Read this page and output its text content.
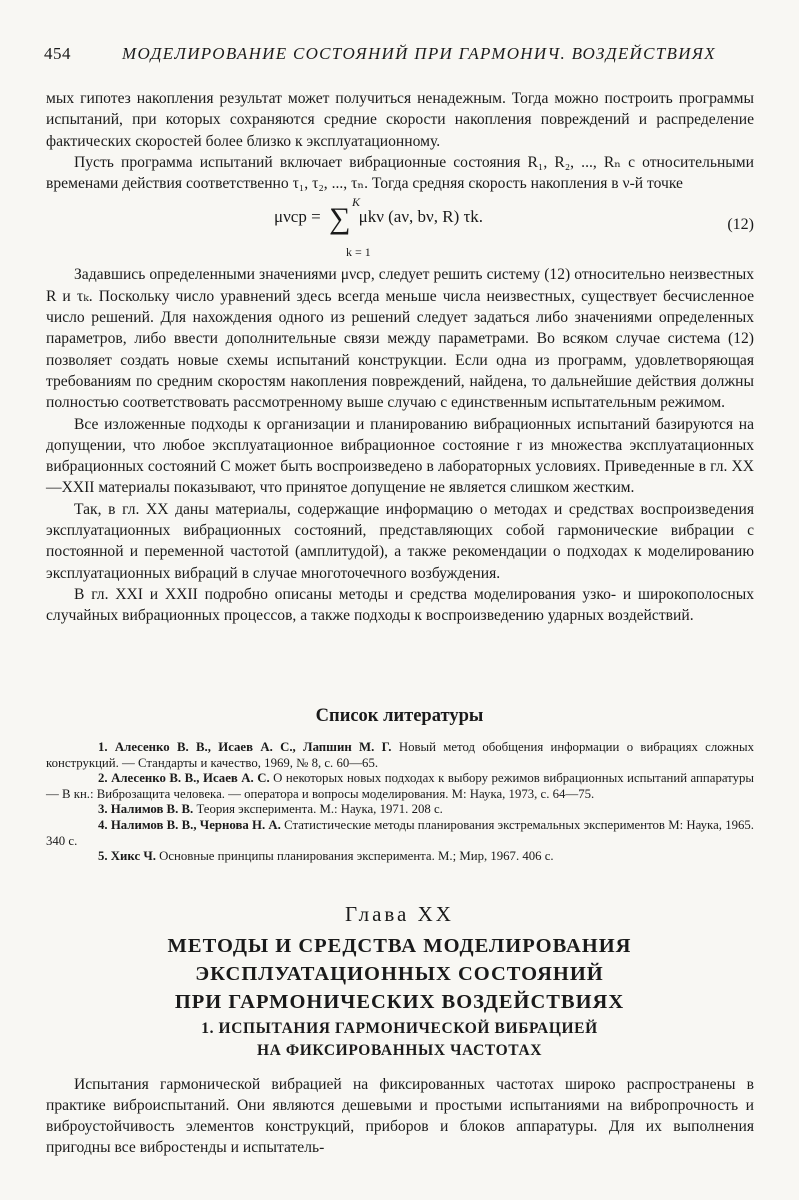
454	МОДЕЛИРОВАНИЕ СОСТОЯНИЙ ПРИ ГАРМОНИЧ. ВОЗДЕЙСТВИЯХ

мых гипотез накопления результат может получиться ненадежным. Тогда можно построить программы испытаний, при которых сохраняются средние скорости накопления повреждений и распределение фактических скоростей более близко к эксплуатационному.

Пусть программа испытаний включает вибрационные состояния R₁, R₂, ..., Rₙ с относительными временами действия соответственно τ₁, τ₂, ..., τₙ. Тогда средняя скорость накопления в ν-й точке

μνср =
K
∑
k = 1
μkν (aν, bν, R) τk.	(12)

Задавшись определенными значениями μνср, следует решить систему (12) относительно неизвестных R и τₖ. Поскольку число уравнений здесь всегда меньше числа неизвестных, существует бесчисленное число решений. Для нахождения одного из решений следует задаться либо значениями определенных параметров, либо ввести дополнительные связи между параметрами. Во всяком случае система (12) позволяет создать новые схемы испытаний конструкции. Если одна из программ, удовлетворяющая требованиям по средним скоростям накопления повреждений, найдена, то дальнейшие действия должны полностью соответствовать рассмотренному выше случаю с единственным испытательным режимом.

Все изложенные подходы к организации и планированию вибрационных испытаний базируются на допущении, что любое эксплуатационное вибрационное состояние r из множества эксплуатационных вибрационных состояний C может быть воспроизведено в лабораторных условиях. Приведенные в гл. XX—XXII материалы показывают, что принятое допущение не является слишком жестким.

Так, в гл. XX даны материалы, содержащие информацию о методах и средствах воспроизведения эксплуатационных вибрационных состояний, представляющих собой гармонические вибрации с постоянной и переменной частотой (амплитудой), а также рекомендации о подходах к моделированию эксплуатационных вибраций в случае многоточечного возбуждения.

В гл. XXI и XXII подробно описаны методы и средства моделирования узко- и широкополосных случайных вибрационных процессов, а также подходы к воспроизведению ударных воздействий.

Список литературы

1. Алесенко В. В., Исаев А. С., Лапшин М. Г. Новый метод обобщения информации о вибрациях сложных конструкций. — Стандарты и качество, 1969, № 8, с. 60—65.

2. Алесенко В. В., Исаев А. С. О некоторых новых подходах к выбору режимов вибрационных испытаний аппаратуры — В кн.: Виброзащита человека. — оператора и вопросы моделирования. М: Наука, 1973, с. 64—75.

3. Налимов В. В. Теория эксперимента. М.: Наука, 1971. 208 с.

4. Налимов В. В., Чернова Н. А. Статистические методы планирования экстремальных экспериментов М: Наука, 1965. 340 с.

5. Хикс Ч. Основные принципы планирования эксперимента. М.; Мир, 1967. 406 с.

Глава XX
МЕТОДЫ И СРЕДСТВА МОДЕЛИРОВАНИЯ
ЭКСПЛУАТАЦИОННЫХ СОСТОЯНИЙ
ПРИ ГАРМОНИЧЕСКИХ ВОЗДЕЙСТВИЯХ
1. ИСПЫТАНИЯ ГАРМОНИЧЕСКОЙ ВИБРАЦИЕЙ
НА ФИКСИРОВАННЫХ ЧАСТОТАХ

Испытания гармонической вибрацией на фиксированных частотах широко распространены в практике виброиспытаний. Они являются дешевыми и простыми испытаниями на вибропрочность и виброустойчивость элементов конструкций, приборов и блоков аппаратуры. Для их выполнения пригодны все вибростенды и испытатель-
